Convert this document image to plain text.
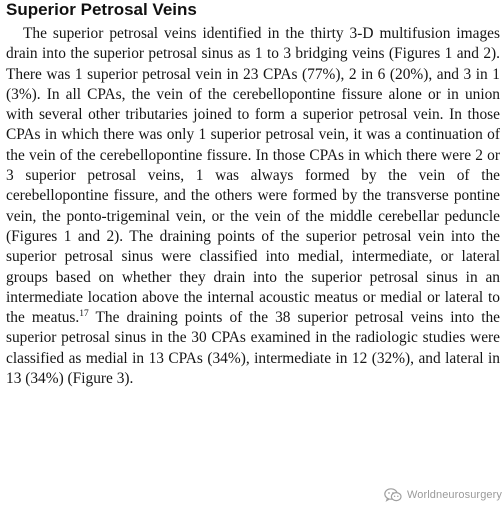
Superior Petrosal Veins

The superior petrosal veins identified in the thirty 3-D multifusion images drain into the superior petrosal sinus as 1 to 3 bridging veins (Figures 1 and 2). There was 1 superior petrosal vein in 23 CPAs (77%), 2 in 6 (20%), and 3 in 1 (3%). In all CPAs, the vein of the cerebellopontine fissure alone or in union with several other tributaries joined to form a superior petrosal vein. In those CPAs in which there was only 1 superior petrosal vein, it was a continuation of the vein of the cerebellopontine fissure. In those CPAs in which there were 2 or 3 superior petrosal veins, 1 was always formed by the vein of the cerebellopontine fissure, and the others were formed by the transverse pontine vein, the ponto-trigeminal vein, or the vein of the middle cerebellar peduncle (Figures 1 and 2). The draining points of the superior petrosal vein into the superior petrosal sinus were classified into medial, intermediate, or lateral groups based on whether they drain into the superior petrosal sinus in an intermediate location above the internal acoustic meatus or medial or lateral to the meatus.$^{17}$ The draining points of the 38 superior petrosal veins into the superior petrosal sinus in the 30 CPAs examined in the radiologic studies were classified as medial in 13 CPAs (34%), intermediate in 12 (32%), and lateral in 13 (34%) (Figure 3).

Worldneurosurgery
